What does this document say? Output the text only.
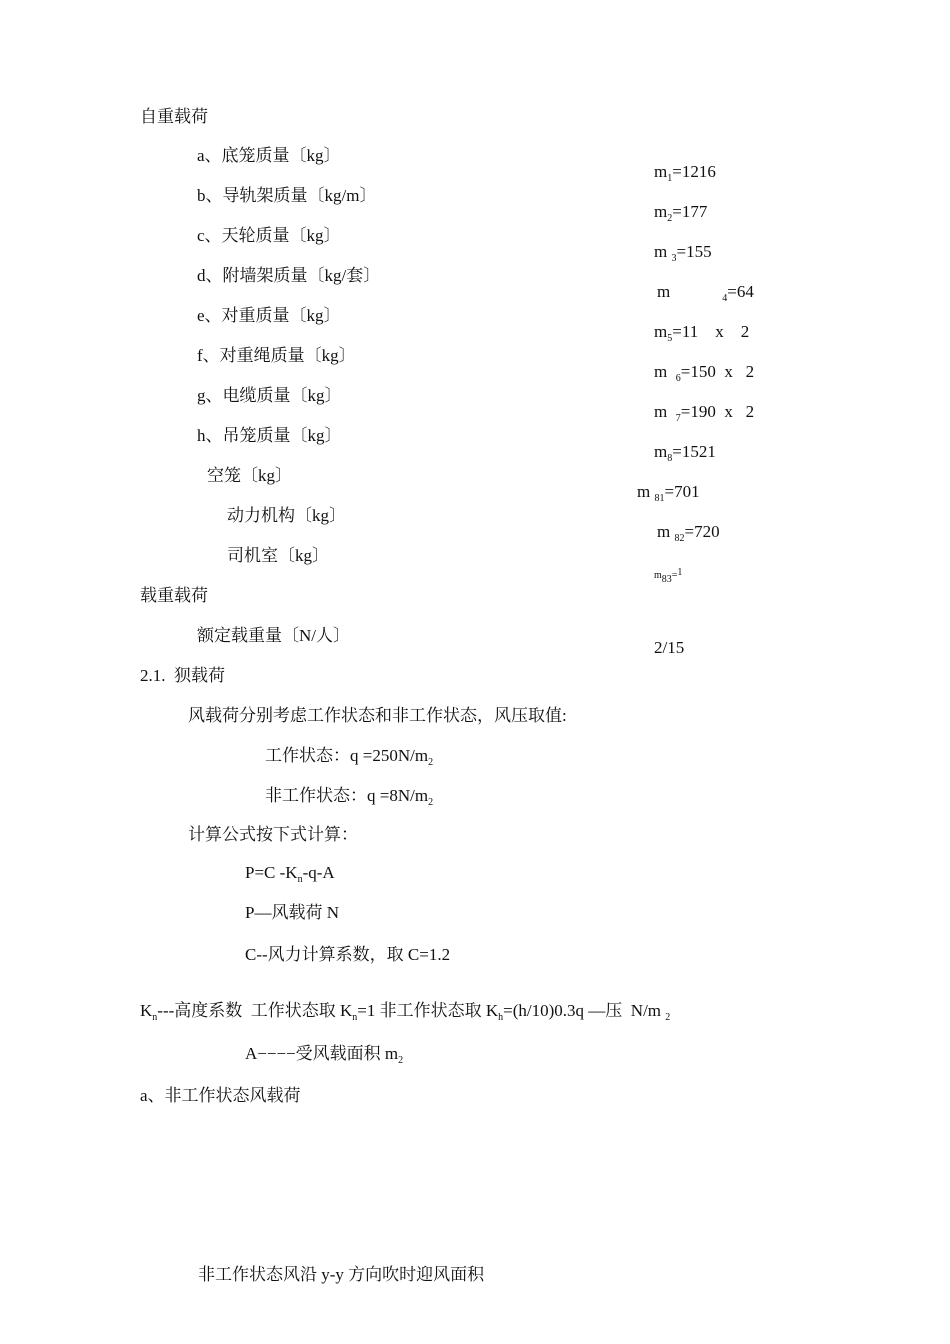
自重载荷
a、底笼质量〔kg〕
b、导轨架质量〔kg/m〕
c、天轮质量〔kg〕
d、附墙架质量〔kg/套〕
e、对重质量〔kg〕
f、对重绳质量〔kg〕
g、电缆质量〔kg〕
h、吊笼质量〔kg〕
空笼〔kg〕
动力机构〔kg〕
司机室〔kg〕
$m_1=1216$
$m_2=177$
m $_3$=155
m	$_4$=64
$m_5=11$    x    2
m  $_6$=150  x   2
m  $_7$=190  x   2
$m_8=1521$
m $_{81}$=701
m $_{82}$=720
m83=1
载重载荷
额定载重量〔N/人〕
2/15
2.1.  狈载荷
风载荷分别考虑工作状态和非工作状态，风压取值:
工作状态：$q =250N/m_2$
非工作状态：$q =8N/m_2$
计算公式按下式计算：
P=C $-K_n-q-A$
P—风载荷 N
C--风力计算系数，取 C=1.2
$K_n---$高度系数  工作状态取 $K_n=1$ 非工作状态取 $K_h=(h/10)0.3q$ —压  N/m $_2$
A−−−−受风载面积 $m_2$
a、非工作状态风载荷
非工作状态风沿 y-y 方向吹时迎风面积
